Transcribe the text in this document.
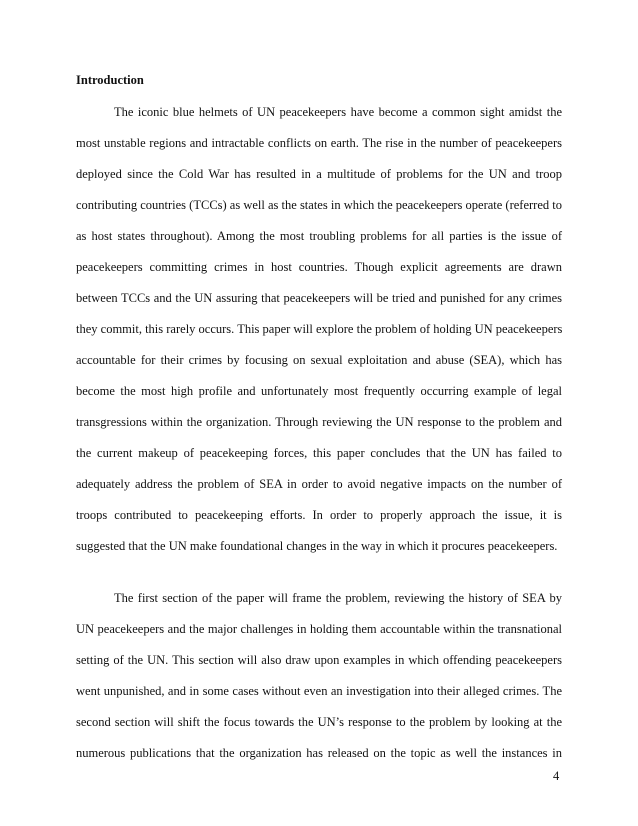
Introduction
The iconic blue helmets of UN peacekeepers have become a common sight amidst the
most unstable regions and intractable conflicts on earth. The rise in the number of peacekeepers
deployed since the Cold War has resulted in a multitude of problems for the UN and troop
contributing countries (TCCs) as well as the states in which the peacekeepers operate (referred to
as host states throughout). Among the most troubling problems for all parties is the issue of
peacekeepers committing crimes in host countries. Though explicit agreements are drawn
between TCCs and the UN assuring that peacekeepers will be tried and punished for any crimes
they commit, this rarely occurs. This paper will explore the problem of holding UN peacekeepers
accountable for their crimes by focusing on sexual exploitation and abuse (SEA), which has
become the most high profile and unfortunately most frequently occurring example of legal
transgressions within the organization. Through reviewing the UN response to the problem and
the current makeup of peacekeeping forces, this paper concludes that the UN has failed to
adequately address the problem of SEA in order to avoid negative impacts on the number of
troops contributed to peacekeeping efforts. In order to properly approach the issue, it is
suggested that the UN make foundational changes in the way in which it procures peacekeepers.
The first section of the paper will frame the problem, reviewing the history of SEA by
UN peacekeepers and the major challenges in holding them accountable within the transnational
setting of the UN. This section will also draw upon examples in which offending peacekeepers
went unpunished, and in some cases without even an investigation into their alleged crimes. The
second section will shift the focus towards the UN’s response to the problem by looking at the
numerous publications that the organization has released on the topic as well the instances in
4
